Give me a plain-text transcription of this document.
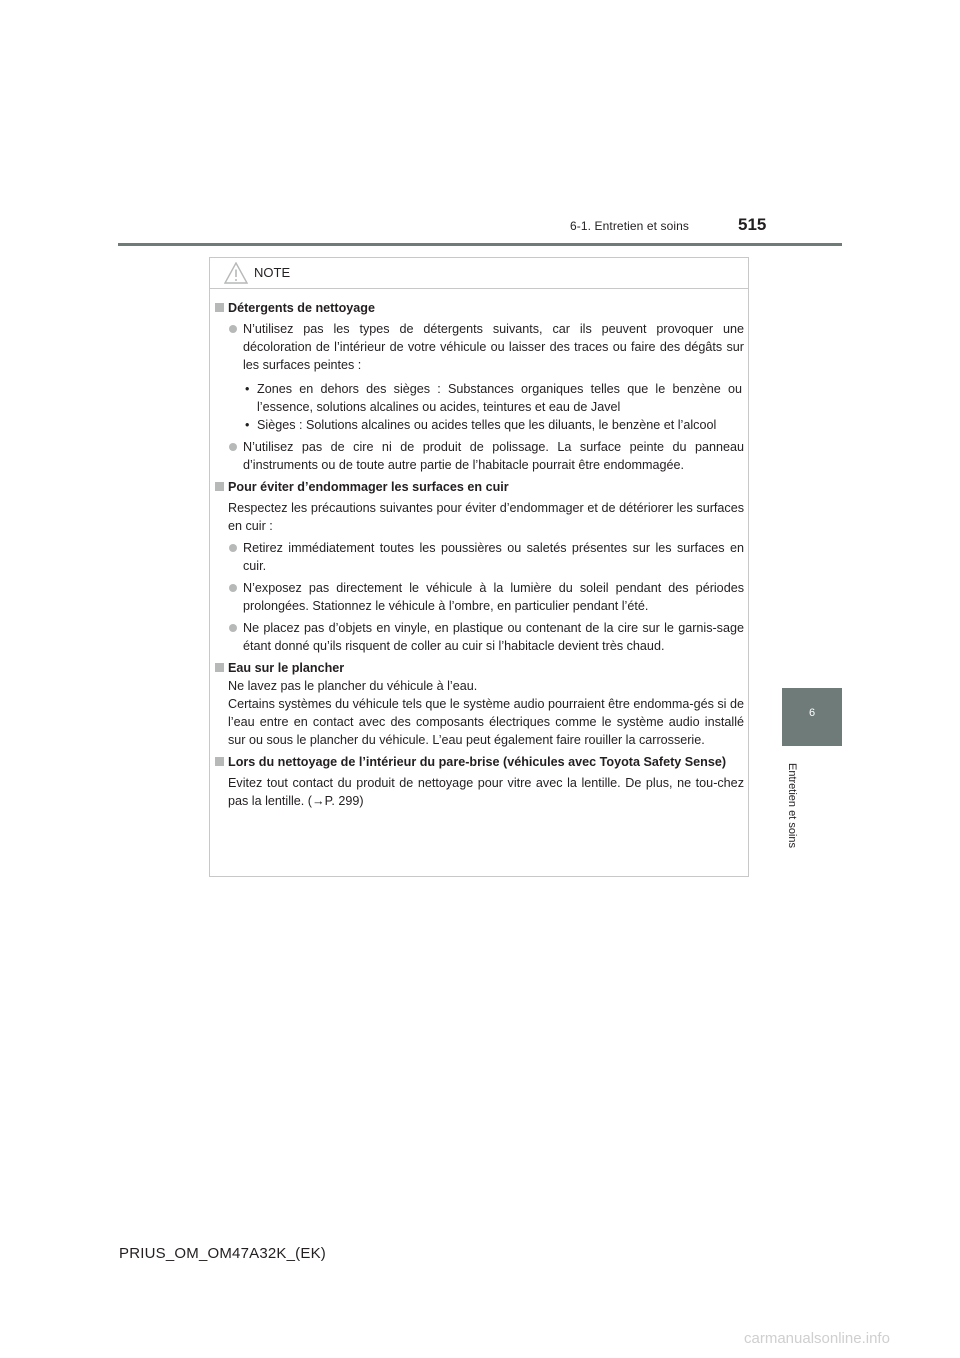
6-1. Entretien et soins	515
6
Entretien et soins
NOTE
Détergents de nettoyage
N’utilisez pas les types de détergents suivants, car ils peuvent provoquer une décoloration de l’intérieur de votre véhicule ou laisser des traces ou faire des dégâts sur les surfaces peintes :
• Zones en dehors des sièges : Substances organiques telles que le benzène ou l’essence, solutions alcalines ou acides, teintures et eau de Javel
• Sièges : Solutions alcalines ou acides telles que les diluants, le benzène et l’alcool
N’utilisez pas de cire ni de produit de polissage. La surface peinte du panneau d’instruments ou de toute autre partie de l’habitacle pourrait être endommagée.
Pour éviter d’endommager les surfaces en cuir
Respectez les précautions suivantes pour éviter d’endommager et de détériorer les surfaces en cuir :
Retirez immédiatement toutes les poussières ou saletés présentes sur les surfaces en cuir.
N’exposez pas directement le véhicule à la lumière du soleil pendant des périodes prolongées. Stationnez le véhicule à l’ombre, en particulier pendant l’été.
Ne placez pas d’objets en vinyle, en plastique ou contenant de la cire sur le garnis-sage étant donné qu’ils risquent de coller au cuir si l’habitacle devient très chaud.
Eau sur le plancher
Ne lavez pas le plancher du véhicule à l’eau.
Certains systèmes du véhicule tels que le système audio pourraient être endomma-gés si de l’eau entre en contact avec des composants électriques comme le système audio installé sur ou sous le plancher du véhicule. L’eau peut également faire rouiller la carrosserie.
Lors du nettoyage de l’intérieur du pare-brise (véhicules avec Toyota Safety Sense)
Evitez tout contact du produit de nettoyage pour vitre avec la lentille. De plus, ne tou-chez pas la lentille. (→P. 299)
PRIUS_OM_OM47A32K_(EK)
carmanualsonline.info
